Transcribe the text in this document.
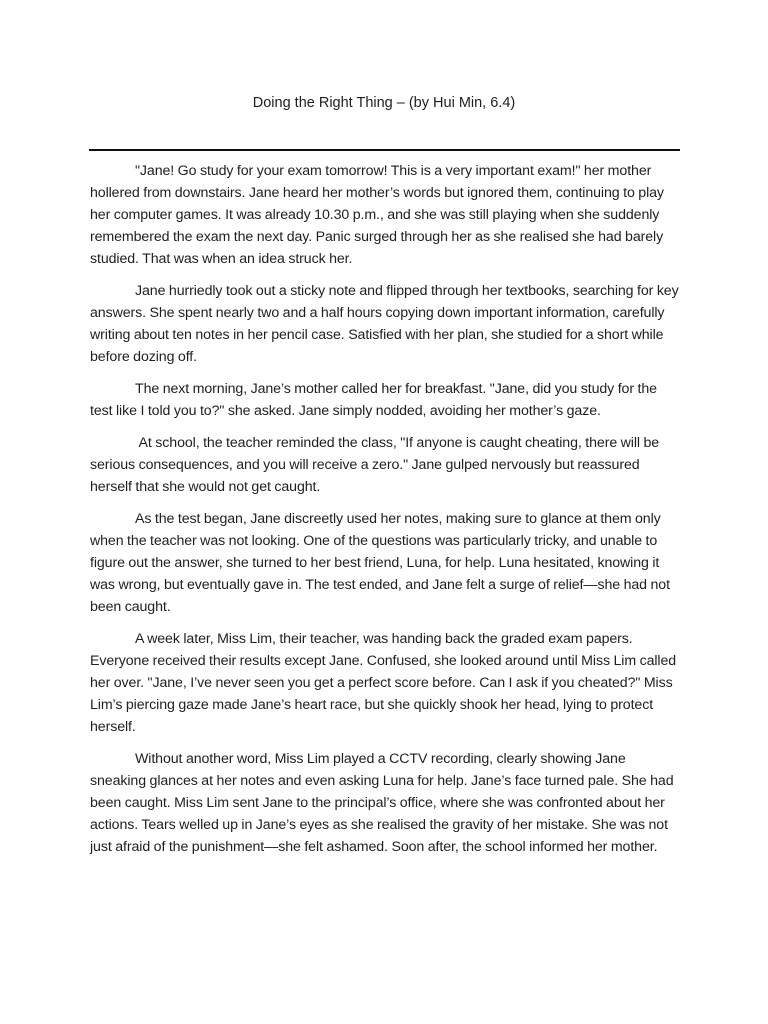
Doing the Right Thing – (by Hui Min, 6.4)

"Jane! Go study for your exam tomorrow! This is a very important exam!" her mother hollered from downstairs. Jane heard her mother’s words but ignored them, continuing to play her computer games. It was already 10.30 p.m., and she was still playing when she suddenly remembered the exam the next day. Panic surged through her as she realised she had barely studied. That was when an idea struck her.

Jane hurriedly took out a sticky note and flipped through her textbooks, searching for key answers. She spent nearly two and a half hours copying down important information, carefully writing about ten notes in her pencil case. Satisfied with her plan, she studied for a short while before dozing off.

The next morning, Jane’s mother called her for breakfast. "Jane, did you study for the test like I told you to?" she asked. Jane simply nodded, avoiding her mother’s gaze.

At school, the teacher reminded the class, "If anyone is caught cheating, there will be serious consequences, and you will receive a zero." Jane gulped nervously but reassured herself that she would not get caught.

As the test began, Jane discreetly used her notes, making sure to glance at them only when the teacher was not looking. One of the questions was particularly tricky, and unable to figure out the answer, she turned to her best friend, Luna, for help. Luna hesitated, knowing it was wrong, but eventually gave in. The test ended, and Jane felt a surge of relief—she had not been caught.

A week later, Miss Lim, their teacher, was handing back the graded exam papers. Everyone received their results except Jane. Confused, she looked around until Miss Lim called her over. "Jane, I’ve never seen you get a perfect score before. Can I ask if you cheated?" Miss Lim’s piercing gaze made Jane’s heart race, but she quickly shook her head, lying to protect herself.

Without another word, Miss Lim played a CCTV recording, clearly showing Jane sneaking glances at her notes and even asking Luna for help. Jane’s face turned pale. She had been caught. Miss Lim sent Jane to the principal’s office, where she was confronted about her actions. Tears welled up in Jane’s eyes as she realised the gravity of her mistake. She was not just afraid of the punishment—she felt ashamed. Soon after, the school informed her mother.
